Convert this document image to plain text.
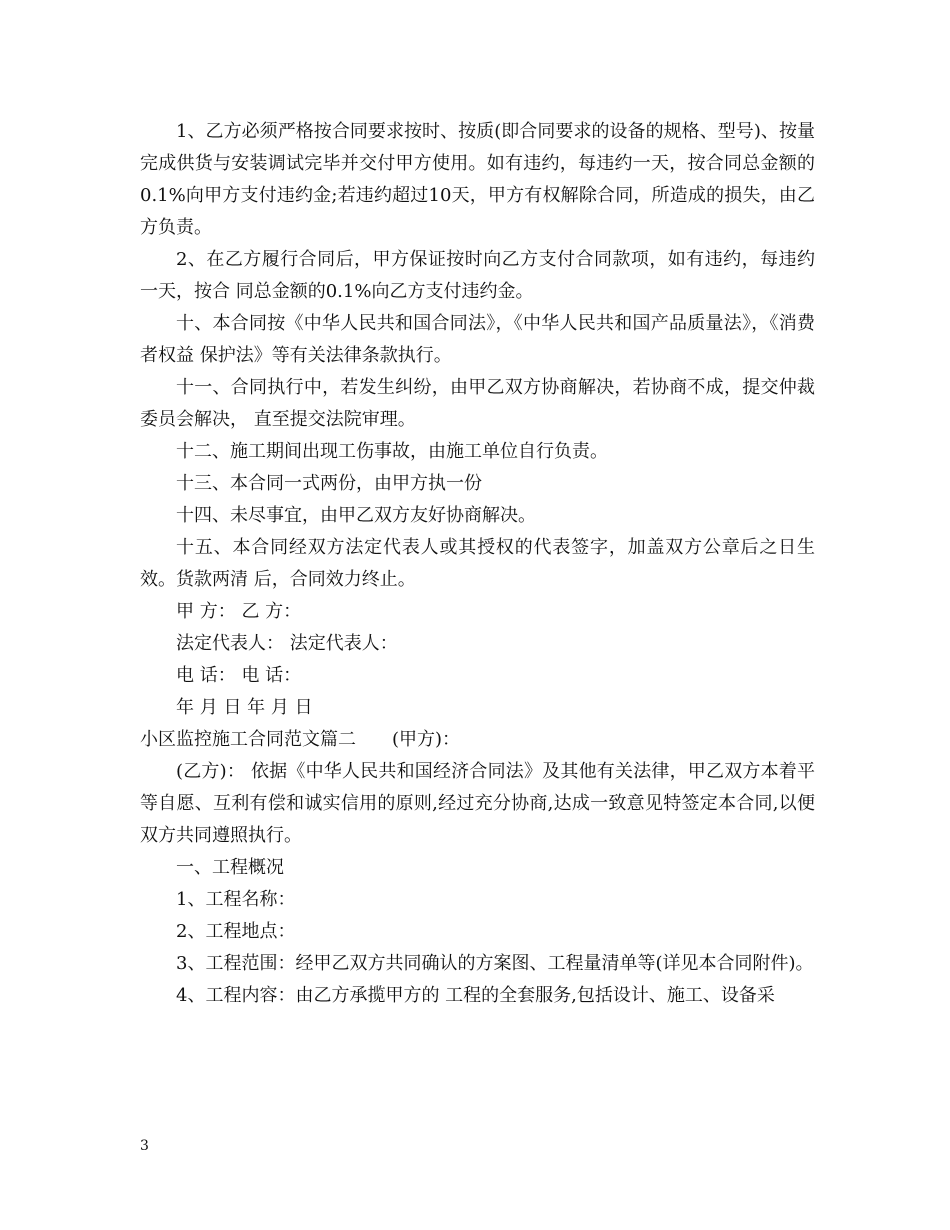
1、乙方必须严格按合同要求按时、按质(即合同要求的设备的规格、型号)、按量完成供货与安装调试完毕并交付甲方使用。如有违约，每违约一天，按合同总金额的0.1%向甲方支付违约金;若违约超过10天，甲方有权解除合同，所造成的损失，由乙方负责。

2、在乙方履行合同后，甲方保证按时向乙方支付合同款项，如有违约，每违约一天，按合 同总金额的0.1%向乙方支付违约金。

十、本合同按《中华人民共和国合同法》，《中华人民共和国产品质量法》，《消费者权益 保护法》等有关法律条款执行。

十一、合同执行中，若发生纠纷，由甲乙双方协商解决，若协商不成，提交仲裁委员会解决， 直至提交法院审理。

十二、施工期间出现工伤事故，由施工单位自行负责。

十三、本合同一式两份，由甲方执一份

十四、未尽事宜，由甲乙双方友好协商解决。

十五、本合同经双方法定代表人或其授权的代表签字，加盖双方公章后之日生效。货款两清 后，合同效力终止。

甲 方： 乙 方：

法定代表人： 法定代表人：

电 话： 电 话：

年 月 日 年 月 日

小区监控施工合同范文篇二　　(甲方)：

(乙方)： 依据《中华人民共和国经济合同法》及其他有关法律，甲乙双方本着平等自愿、互利有偿和诚实信用的原则,经过充分协商,达成一致意见特签定本合同,以便双方共同遵照执行。

一、工程概况

1、工程名称：

2、工程地点：

3、工程范围：经甲乙双方共同确认的方案图、工程量清单等(详见本合同附件)。

4、工程内容：由乙方承揽甲方的 工程的全套服务,包括设计、施工、设备采

3
